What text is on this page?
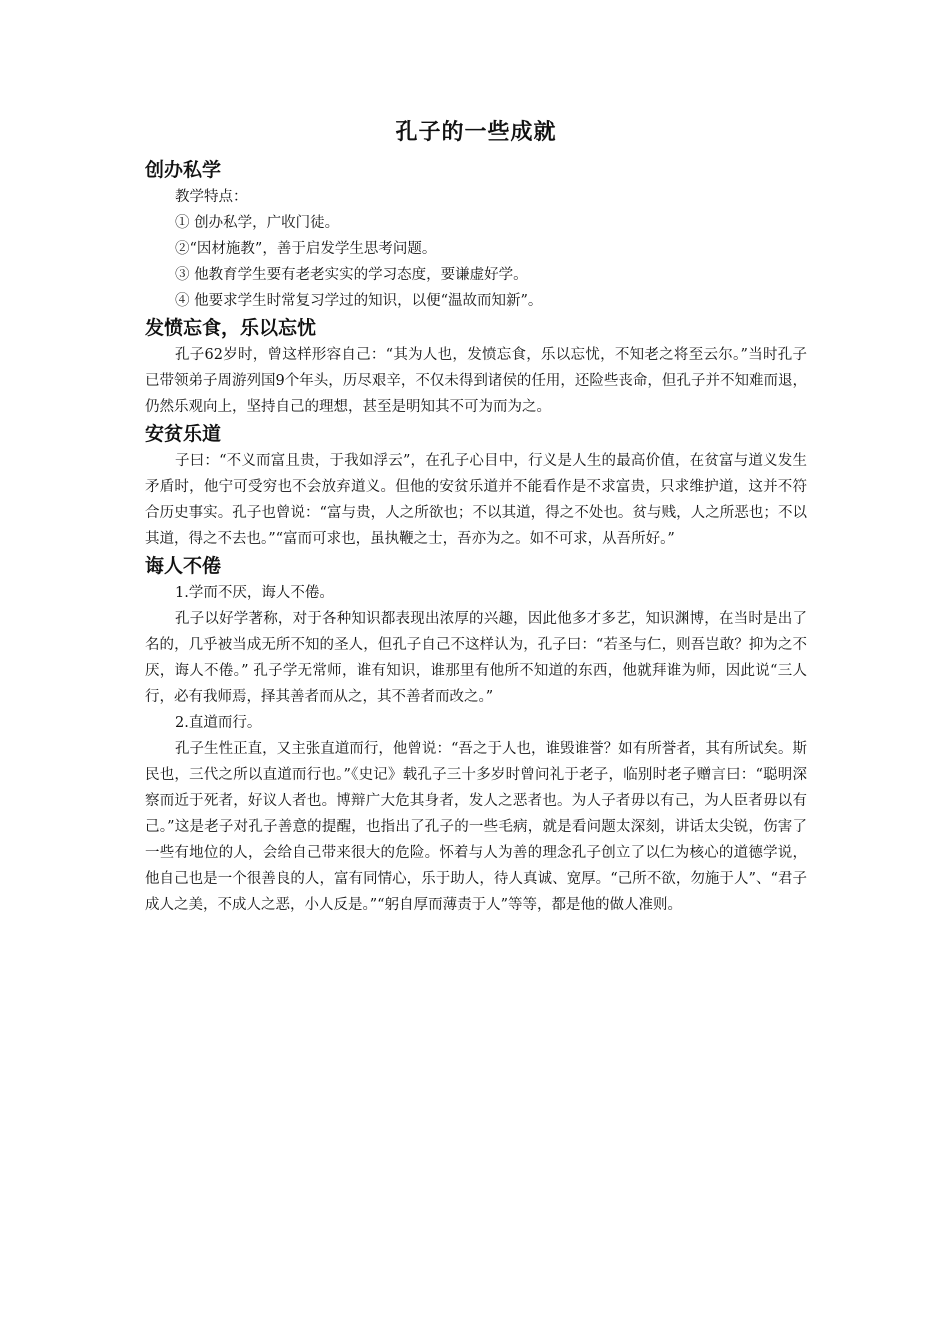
孔子的一些成就
创办私学

教学特点：

① 创办私学，广收门徒。

②“因材施教”，善于启发学生思考问题。

③ 他教育学生要有老老实实的学习态度，要谦虚好学。

④ 他要求学生时常复习学过的知识，以便“温故而知新”。

发愤忘食，乐以忘忧

孔子62岁时，曾这样形容自己：“其为人也，发愤忘食，乐以忘忧，不知老之将至云尔。”当时孔子已带领弟子周游列国9个年头，历尽艰辛，不仅未得到诸侯的任用，还险些丧命，但孔子并不知难而退，仍然乐观向上，坚持自己的理想，甚至是明知其不可为而为之。

安贫乐道

子曰：“不义而富且贵，于我如浮云”，在孔子心目中，行义是人生的最高价值，在贫富与道义发生矛盾时，他宁可受穷也不会放弃道义。但他的安贫乐道并不能看作是不求富贵，只求维护道，这并不符合历史事实。孔子也曾说：“富与贵，人之所欲也；不以其道，得之不处也。贫与贱，人之所恶也；不以其道，得之不去也。”“富而可求也，虽执鞭之士，吾亦为之。如不可求，从吾所好。”

诲人不倦

1.学而不厌，诲人不倦。

孔子以好学著称，对于各种知识都表现出浓厚的兴趣，因此他多才多艺，知识渊博，在当时是出了名的，几乎被当成无所不知的圣人，但孔子自己不这样认为，孔子曰：“若圣与仁，则吾岂敢？抑为之不厌，诲人不倦。” 孔子学无常师，谁有知识，谁那里有他所不知道的东西，他就拜谁为师，因此说“三人行，必有我师焉，择其善者而从之，其不善者而改之。”

2.直道而行。

孔子生性正直，又主张直道而行，他曾说：“吾之于人也，谁毁谁誉？如有所誉者，其有所试矣。斯民也，三代之所以直道而行也。”《史记》载孔子三十多岁时曾问礼于老子，临别时老子赠言曰：“聪明深察而近于死者，好议人者也。博辩广大危其身者，发人之恶者也。为人子者毋以有己，为人臣者毋以有己。”这是老子对孔子善意的提醒，也指出了孔子的一些毛病，就是看问题太深刻，讲话太尖锐，伤害了一些有地位的人，会给自己带来很大的危险。怀着与人为善的理念孔子创立了以仁为核心的道德学说，他自己也是一个很善良的人，富有同情心，乐于助人，待人真诚、宽厚。“己所不欲，勿施于人”、“君子成人之美，不成人之恶，小人反是。”“躬自厚而薄责于人”等等，都是他的做人准则。
